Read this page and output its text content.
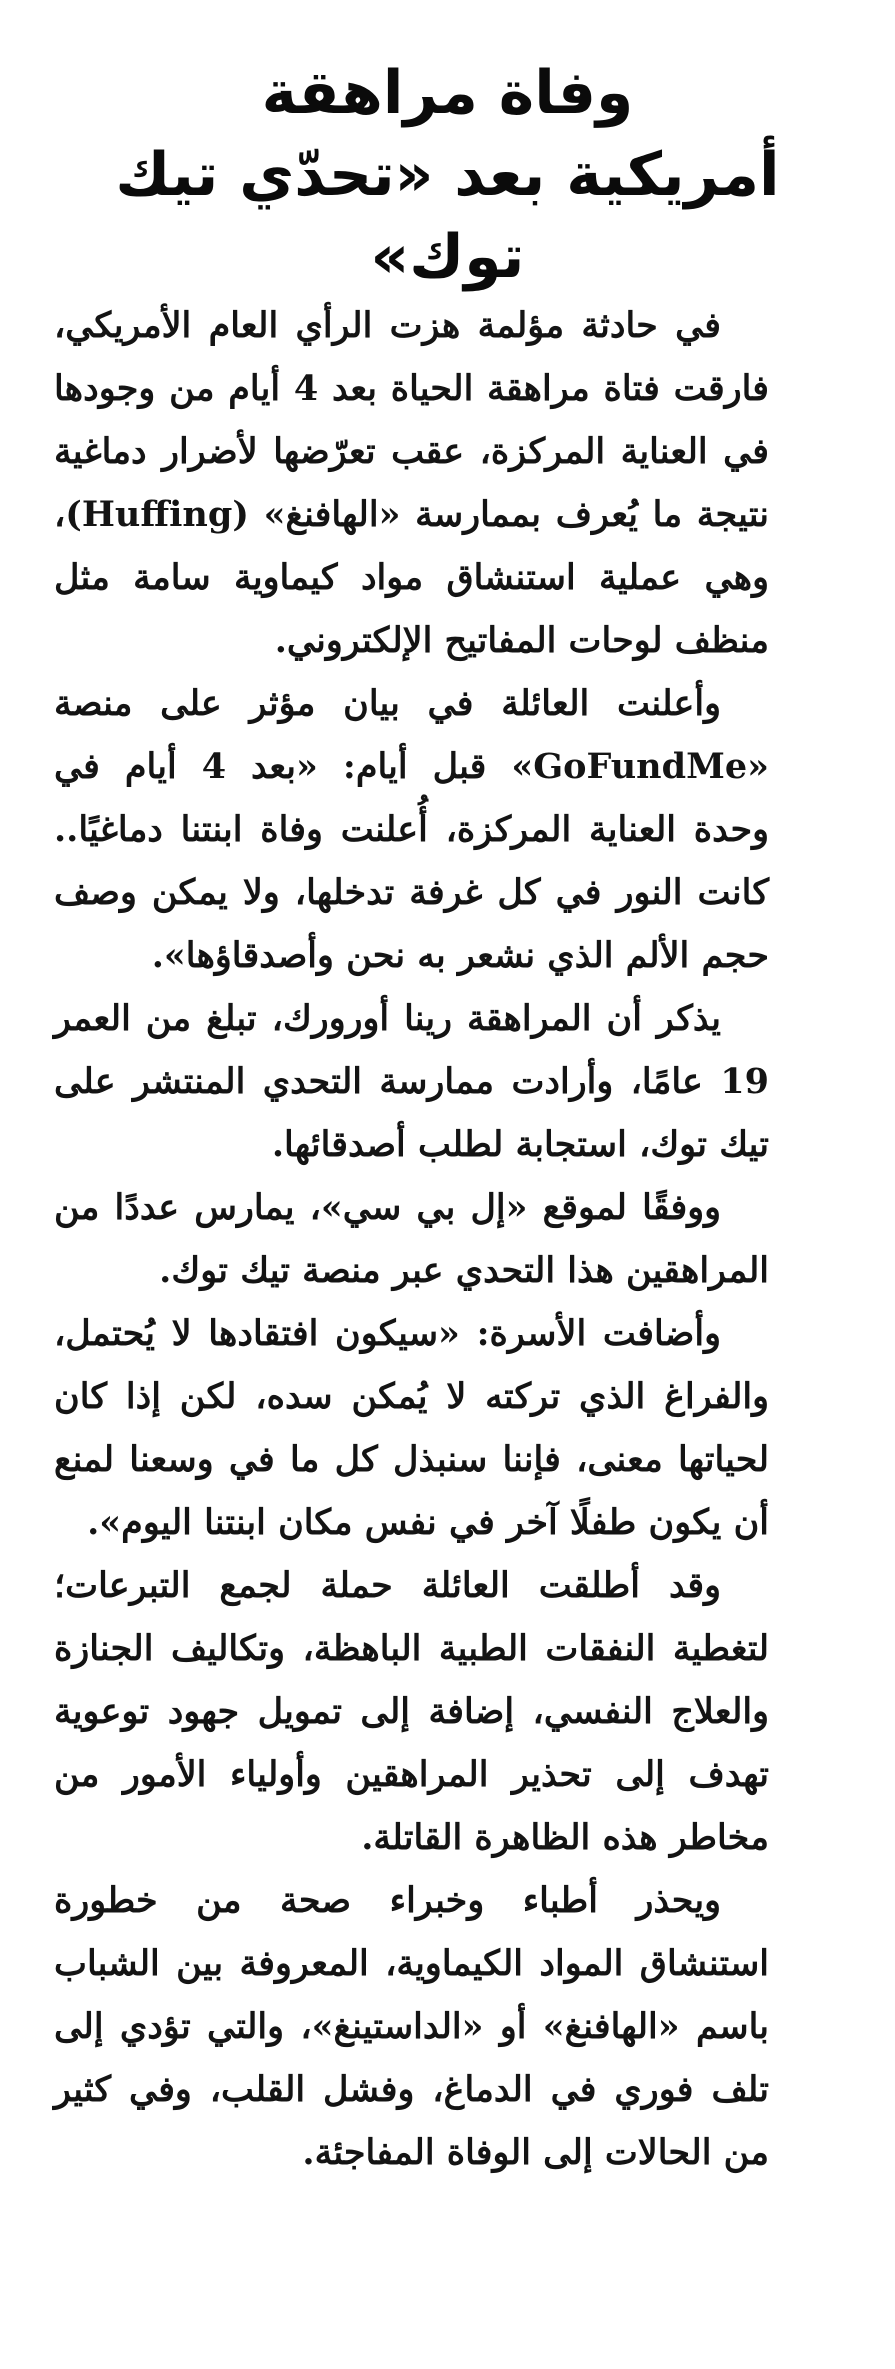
وفاة مراهقة
أمريكية بعد «تحدّي تيك توك»

في حادثة مؤلمة هزت الرأي العام الأمريكي، فارقت فتاة مراهقة الحياة بعد 4 أيام من وجودها في العناية المركزة، عقب تعرّضها لأضرار دماغية نتيجة ما يُعرف بممارسة «الهافنغ» (Huffing)، وهي عملية استنشاق مواد كيماوية سامة مثل منظف لوحات المفاتيح الإلكتروني.

وأعلنت العائلة في بيان مؤثر على منصة «GoFundMe» قبل أيام: «بعد 4 أيام في وحدة العناية المركزة، أُعلنت وفاة ابنتنا دماغيًا.. كانت النور في كل غرفة تدخلها، ولا يمكن وصف حجم الألم الذي نشعر به نحن وأصدقاؤها».

يذكر أن المراهقة رينا أورورك، تبلغ من العمر 19 عامًا، وأرادت ممارسة التحدي المنتشر على تيك توك، استجابة لطلب أصدقائها.

ووفقًا لموقع «إل بي سي»، يمارس عددًا من المراهقين هذا التحدي عبر منصة تيك توك.

وأضافت الأسرة: «سيكون افتقادها لا يُحتمل، والفراغ الذي تركته لا يُمكن سده، لكن إذا كان لحياتها معنى، فإننا سنبذل كل ما في وسعنا لمنع أن يكون طفلًا آخر في نفس مكان ابنتنا اليوم».

وقد أطلقت العائلة حملة لجمع التبرعات؛ لتغطية النفقات الطبية الباهظة، وتكاليف الجنازة والعلاج النفسي، إضافة إلى تمويل جهود توعوية تهدف إلى تحذير المراهقين وأولياء الأمور من مخاطر هذه الظاهرة القاتلة.

ويحذر أطباء وخبراء صحة من خطورة استنشاق المواد الكيماوية، المعروفة بين الشباب باسم «الهافنغ» أو «الداستينغ»، والتي تؤدي إلى تلف فوري في الدماغ، وفشل القلب، وفي كثير من الحالات إلى الوفاة المفاجئة.
